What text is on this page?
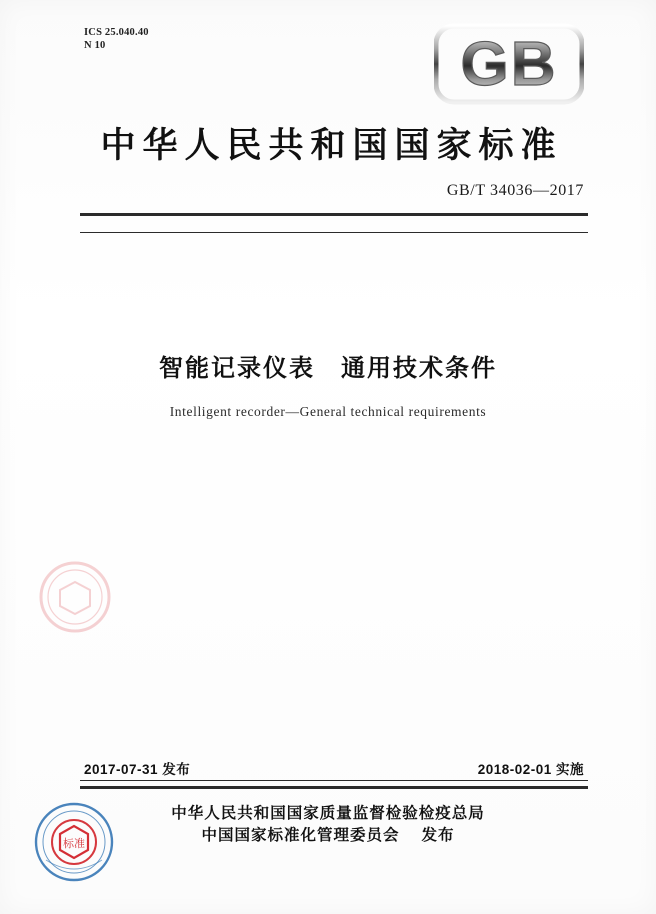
ICS 25.040.40
N 10	GB
中华人民共和国国家标准
GB/T 34036—2017
智能记录仪表　通用技术条件
Intelligent recorder—General technical requirements
2017-07-31 发布	2018-02-01 实施
中华人民共和国国家质量监督检验检疫总局
中国国家标准化管理委员会 发布
标准
